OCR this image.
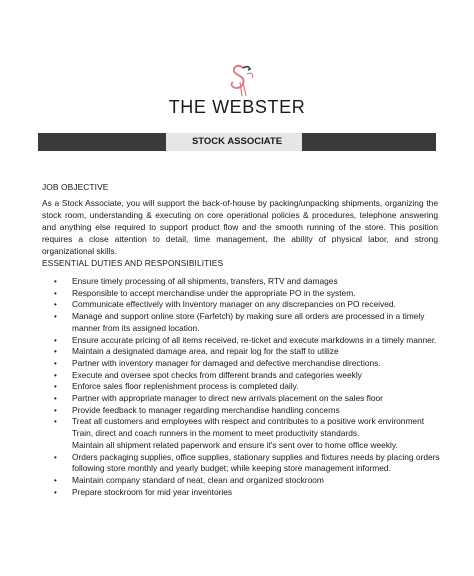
THE WEBSTER
STOCK ASSOCIATE
JOB OBJECTIVE

As a Stock Associate, you will support the back-of-house by packing/unpacking shipments, organizing the stock room, understanding & executing on core operational policies & procedures, telephone answering and anything else required to support product flow and the smooth running of the store. This position requires a close attention to detail, time management, the ability of physical labor, and strong organizational skills.

ESSENTIAL DUTIES AND RESPONSIBILITIES
• Ensure timely processing of all shipments, transfers, RTV and damages
• Responsible to accept merchandise under the appropriate PO in the system.
• Communicate effectively with Inventory manager on any discrepancies on PO received.
• Manage and support online store (Farfetch) by making sure all orders are processed in a timely manner from its assigned location.
• Ensure accurate pricing of all items received, re-ticket and execute markdowns in a timely manner.
• Maintain a designated damage area, and repair log for the staff to utilize
• Partner with inventory manager for damaged and defective merchandise directions.
• Execute and oversee spot checks from different brands and categories weekly
• Enforce sales floor replenishment process is completed daily.
• Partner with appropriate manager to direct new arrivals placement on the sales floor
• Provide feedback to manager regarding merchandise handling concerns
• Treat all customers and employees with respect and contributes to a positive work environment
Train, direct and coach runners in the moment to meet productivity standards.
Maintain all shipment related paperwork and ensure it's sent over to home office weekly.
• Orders packaging supplies, office supplies, stationary supplies and fixtures needs by placing orders following store monthly and yearly budget; while keeping store management informed.
• Maintain company standard of neat, clean and organized stockroom
• Prepare stockroom for mid year inventories
